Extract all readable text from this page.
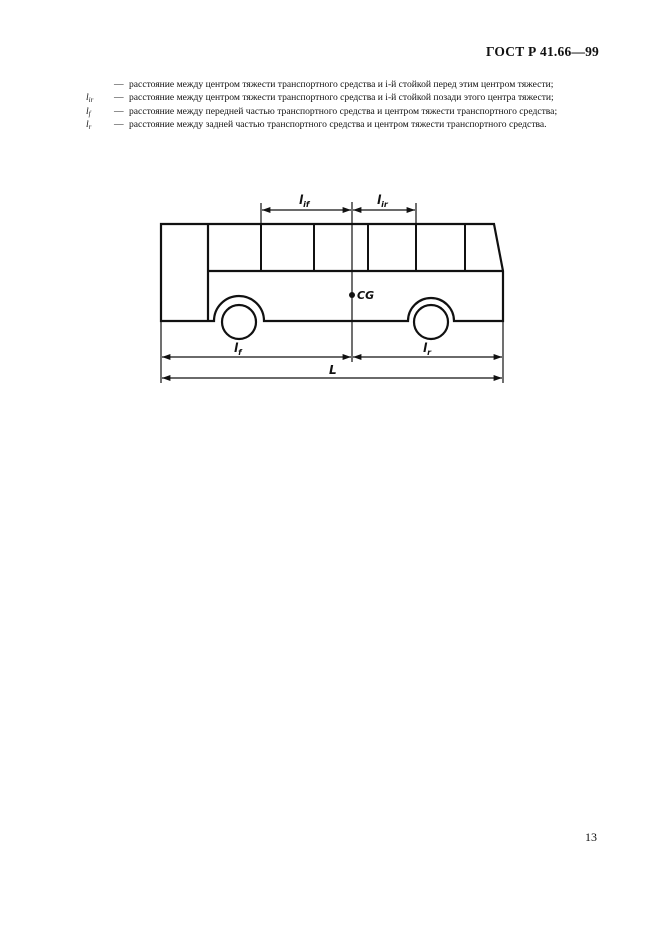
ГОСТ Р 41.66—99
— расстояние между центром тяжести транспортного средства и i-й стойкой перед этим центром тяжести;
$l_{ir}$ — расстояние между центром тяжести транспортного средства и i-й стойкой позади этого центра тяжести;
$l_f$ — расстояние между передней частью транспортного средства и центром тяжести транспортного средства;
$l_r$ — расстояние между задней частью транспортного средства и центром тяжести транспортного средства.
CG
$l_{if}$	$l_{ir}$
$l_f$	$l_r$
L
13
